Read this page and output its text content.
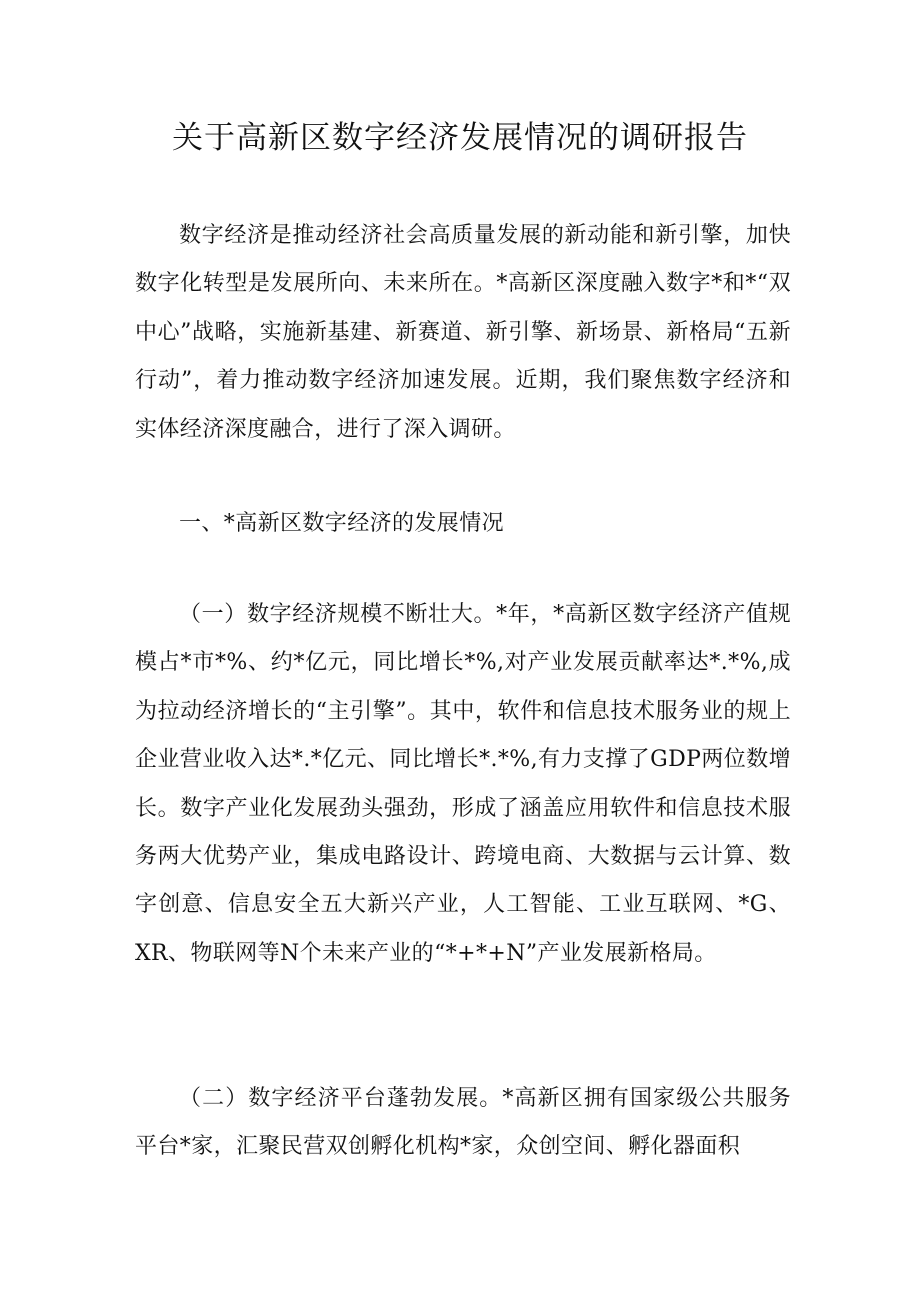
关于高新区数字经济发展情况的调研报告

数字经济是推动经济社会高质量发展的新动能和新引擎，加快数字化转型是发展所向、未来所在。*高新区深度融入数字*和*“双中心”战略，实施新基建、新赛道、新引擎、新场景、新格局“五新行动”，着力推动数字经济加速发展。近期，我们聚焦数字经济和实体经济深度融合，进行了深入调研。

一、*高新区数字经济的发展情况

（一）数字经济规模不断壮大。*年，*高新区数字经济产值规模占*市*%、约*亿元，同比增长*%,对产业发展贡献率达*.*%,成为拉动经济增长的“主引擎”。其中，软件和信息技术服务业的规上企业营业收入达*.*亿元、同比增长*.*%,有力支撑了GDP两位数增长。数字产业化发展劲头强劲，形成了涵盖应用软件和信息技术服务两大优势产业，集成电路设计、跨境电商、大数据与云计算、数字创意、信息安全五大新兴产业，人工智能、工业互联网、*G、XR、物联网等N个未来产业的“*+*+N”产业发展新格局。

（二）数字经济平台蓬勃发展。*高新区拥有国家级公共服务平台*家，汇聚民营双创孵化机构*家，众创空间、孵化器面积
